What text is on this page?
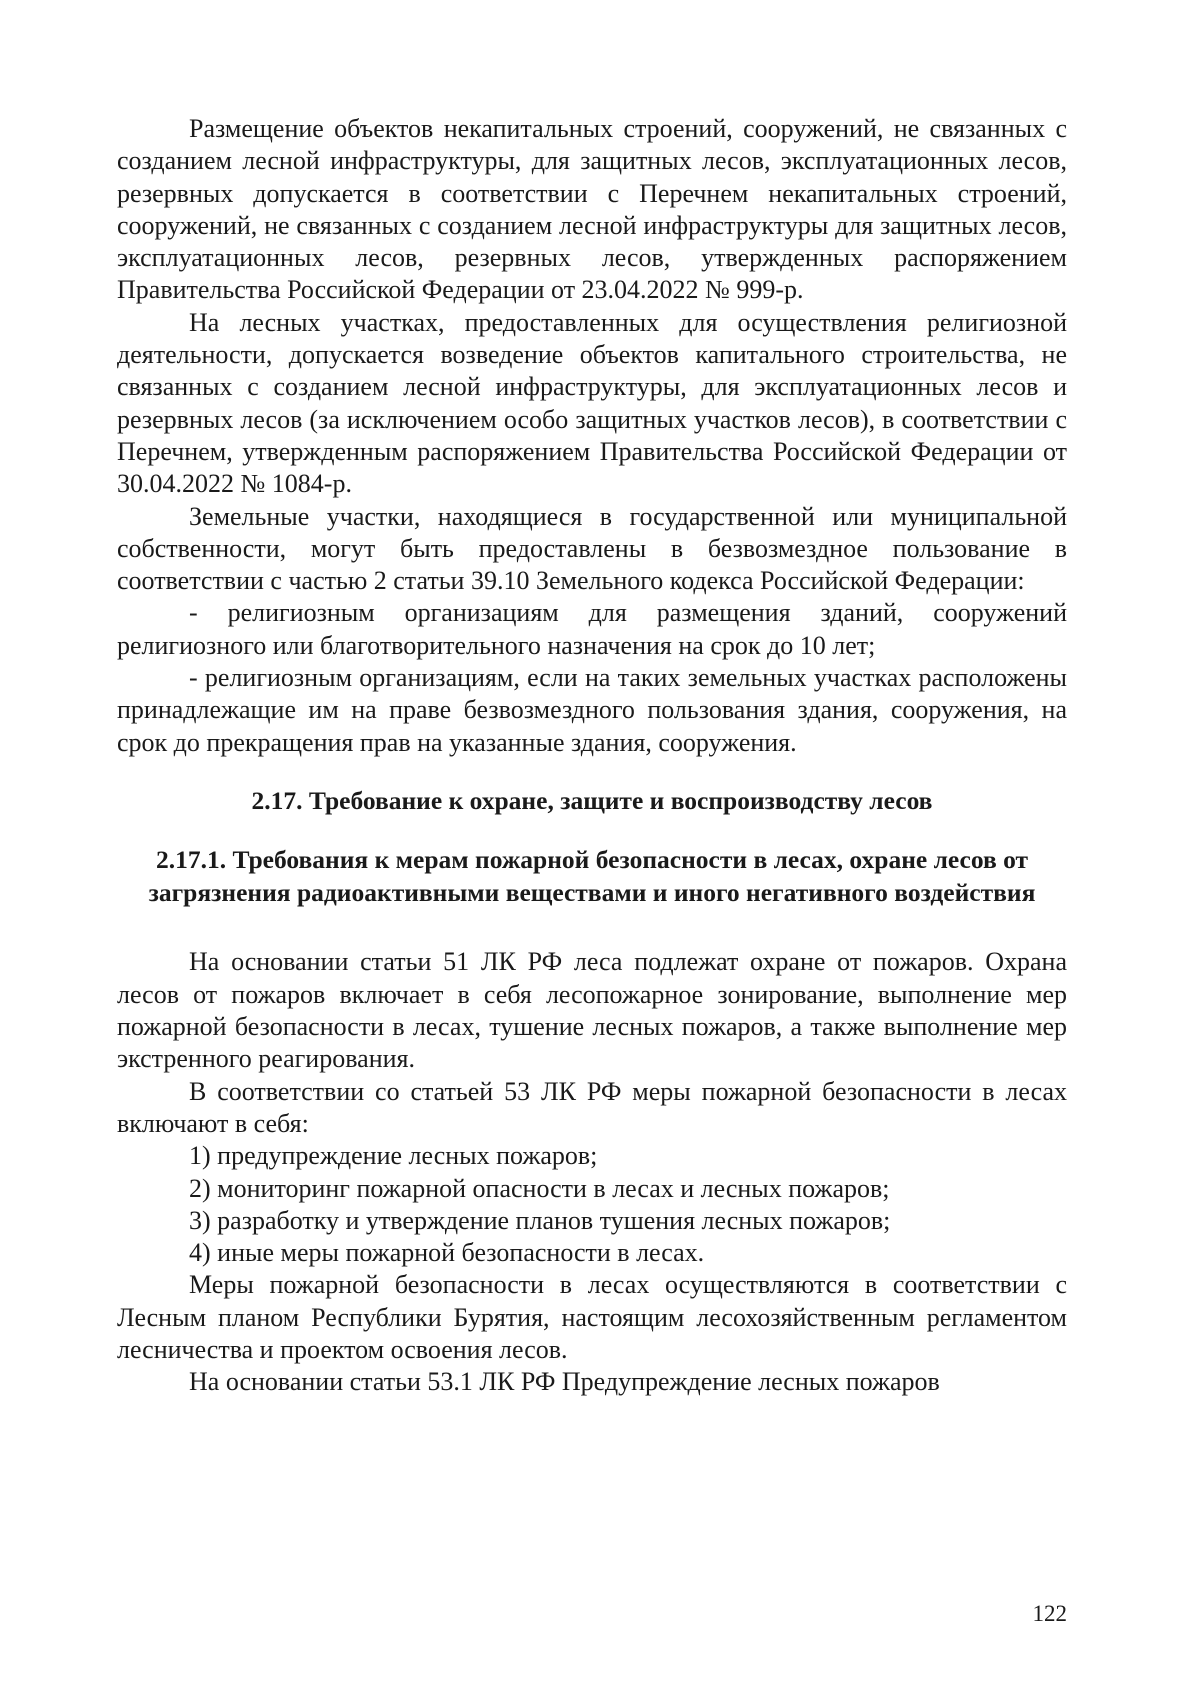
Размещение объектов некапитальных строений, сооружений, не связанных с созданием лесной инфраструктуры, для защитных лесов, эксплуатационных лесов, резервных допускается в соответствии с Перечнем некапитальных строений, сооружений, не связанных с созданием лесной инфраструктуры для защитных лесов, эксплуатационных лесов, резервных лесов, утвержденных распоряжением Правительства Российской Федерации от 23.04.2022 № 999-р.

На лесных участках, предоставленных для осуществления религиозной деятельности, допускается возведение объектов капитального строительства, не связанных с созданием лесной инфраструктуры, для эксплуатационных лесов и резервных лесов (за исключением особо защитных участков лесов), в соответствии с Перечнем, утвержденным распоряжением Правительства Российской Федерации от 30.04.2022 № 1084-р.

Земельные участки, находящиеся в государственной или муниципальной собственности, могут быть предоставлены в безвозмездное пользование в соответствии с частью 2 статьи 39.10 Земельного кодекса Российской Федерации:

- религиозным организациям для размещения зданий, сооружений религиозного или благотворительного назначения на срок до 10 лет;

- религиозным организациям, если на таких земельных участках расположены принадлежащие им на праве безвозмездного пользования здания, сооружения, на срок до прекращения прав на указанные здания, сооружения.

2.17. Требование к охране, защите и воспроизводству лесов

2.17.1. Требования к мерам пожарной безопасности в лесах, охране лесов от загрязнения радиоактивными веществами и иного негативного воздействия

На основании статьи 51 ЛК РФ леса подлежат охране от пожаров. Охрана лесов от пожаров включает в себя лесопожарное зонирование, выполнение мер пожарной безопасности в лесах, тушение лесных пожаров, а также выполнение мер экстренного реагирования.

В соответствии со статьей 53 ЛК РФ меры пожарной безопасности в лесах включают в себя:

1) предупреждение лесных пожаров;

2) мониторинг пожарной опасности в лесах и лесных пожаров;

3) разработку и утверждение планов тушения лесных пожаров;

4) иные меры пожарной безопасности в лесах.

Меры пожарной безопасности в лесах осуществляются в соответствии с Лесным планом Республики Бурятия, настоящим лесохозяйственным регламентом лесничества и проектом освоения лесов.

На основании статьи 53.1 ЛК РФ Предупреждение лесных пожаров

122
